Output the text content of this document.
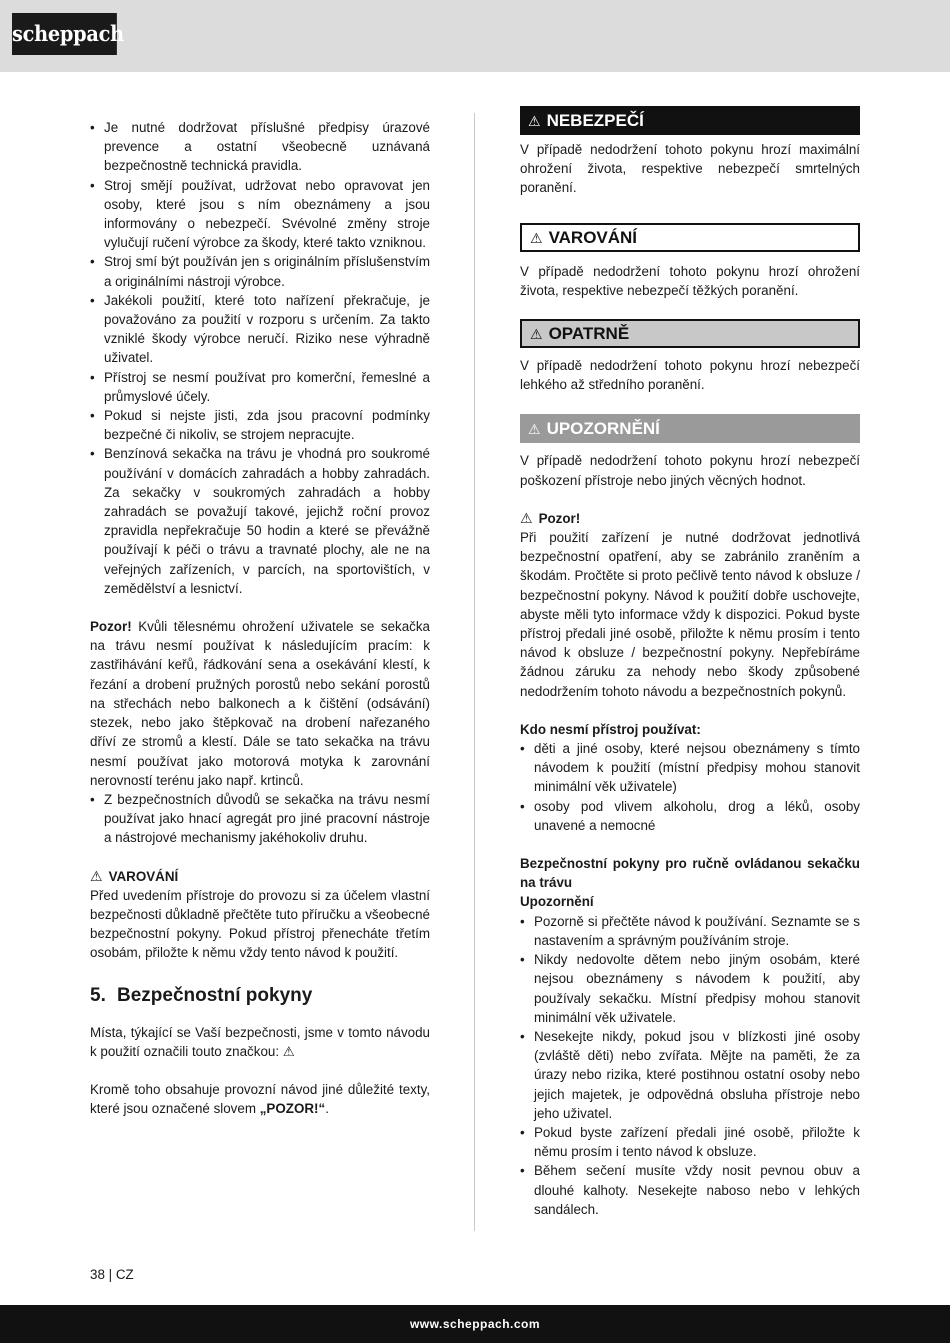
scheppach
• Je nutné dodržovat příslušné předpisy úrazové prevence a ostatní všeobecně uznávaná bezpečnostně technická pravidla.
• Stroj smějí používat, udržovat nebo opravovat jen osoby, které jsou s ním obeznámeny a jsou informovány o nebezpečí. Svévolné změny stroje vylučují ručení výrobce za škody, které takto vzniknou.
• Stroj smí být používán jen s originálním příslušenstvím a originálními nástroji výrobce.
• Jakékoli použití, které toto nařízení překračuje, je považováno za použití v rozporu s určením. Za takto vzniklé škody výrobce neručí. Riziko nese výhradně uživatel.
• Přístroj se nesmí používat pro komerční, řemeslné a průmyslové účely.
• Pokud si nejste jisti, zda jsou pracovní podmínky bezpečné či nikoliv, se strojem nepracujte.
• Benzínová sekačka na trávu je vhodná pro soukromé používání v domácích zahradách a hobby zahradách. Za sekačky v soukromých zahradách a hobby zahradách se považují takové, jejichž roční provoz zpravidla nepřekračuje 50 hodin a které se převážně používají k péči o trávu a travnaté plochy, ale ne na veřejných zařízeních, v parcích, na sportovištích, v zemědělství a lesnictví.

Pozor! Kvůli tělesnému ohrožení uživatele se sekačka na trávu nesmí používat k následujícím pracím: k zastřihávání keřů, řádkování sena a osekávání klestí, k řezání a drobení pružných porostů nebo sekání porostů na střechách nebo balkonech a k čištění (odsávání) stezek, nebo jako štěpkovač na drobení nařezaného dříví ze stromů a klestí. Dále se tato sekačka na trávu nesmí používat jako motorová motyka k zarovnání nerovností terénu jako např. krtinců.

• Z bezpečnostních důvodů se sekačka na trávu nesmí používat jako hnací agregát pro jiné pracovní nástroje a nástrojové mechanismy jakéhokoliv druhu.

⚠ VAROVÁNÍ

Před uvedením přístroje do provozu si za účelem vlastní bezpečnosti důkladně přečtěte tuto příručku a všeobecné bezpečnostní pokyny. Pokud přístroj přenecháte třetím osobám, přiložte k němu vždy tento návod k použití.

5. Bezpečnostní pokyny

Místa, týkající se Vaší bezpečnosti, jsme v tomto návodu k použití označili touto značkou: ⚠

Kromě toho obsahuje provozní návod jiné důležité texty, které jsou označené slovem „POZOR!“.

⚠ NEBEZPEČÍ

V případě nedodržení tohoto pokynu hrozí maximální ohrožení života, respektive nebezpečí smrtelných poranění.

⚠ VAROVÁNÍ

V případě nedodržení tohoto pokynu hrozí ohrožení života, respektive nebezpečí těžkých poranění.

⚠ OPATRNĚ

V případě nedodržení tohoto pokynu hrozí nebezpečí lehkého až středního poranění.

⚠ UPOZORNĚNÍ

V případě nedodržení tohoto pokynu hrozí nebezpečí poškození přístroje nebo jiných věcných hodnot.

⚠ Pozor!

Při použití zařízení je nutné dodržovat jednotlivá bezpečnostní opatření, aby se zabránilo zraněním a škodám. Pročtěte si proto pečlivě tento návod k obsluze / bezpečnostní pokyny. Návod k použití dobře uschovejte, abyste měli tyto informace vždy k dispozici. Pokud byste přístroj předali jiné osobě, přiložte k němu prosím i tento návod k obsluze / bezpečnostní pokyny. Nepřebíráme žádnou záruku za nehody nebo škody způsobené nedodržením tohoto návodu a bezpečnostních pokynů.

Kdo nesmí přístroj používat:

• děti a jiné osoby, které nejsou obeznámeny s tímto návodem k použití (místní předpisy mohou stanovit minimální věk uživatele)
• osoby pod vlivem alkoholu, drog a léků, osoby unavené a nemocné

Bezpečnostní pokyny pro ručně ovládanou sekačku na trávu

Upozornění

• Pozorně si přečtěte návod k používání. Seznamte se s nastavením a správným používáním stroje.
• Nikdy nedovolte dětem nebo jiným osobám, které nejsou obeznámeny s návodem k použití, aby používaly sekačku. Místní předpisy mohou stanovit minimální věk uživatele.
• Nesekejte nikdy, pokud jsou v blízkosti jiné osoby (zvláště děti) nebo zvířata. Mějte na paměti, že za úrazy nebo rizika, které postihnou ostatní osoby nebo jejich majetek, je odpovědná obsluha přístroje nebo jeho uživatel.
• Pokud byste zařízení předali jiné osobě, přiložte k němu prosím i tento návod k obsluze.
• Během sečení musíte vždy nosit pevnou obuv a dlouhé kalhoty. Nesekejte naboso nebo v lehkých sandálech.
38 | CZ
www.scheppach.com
